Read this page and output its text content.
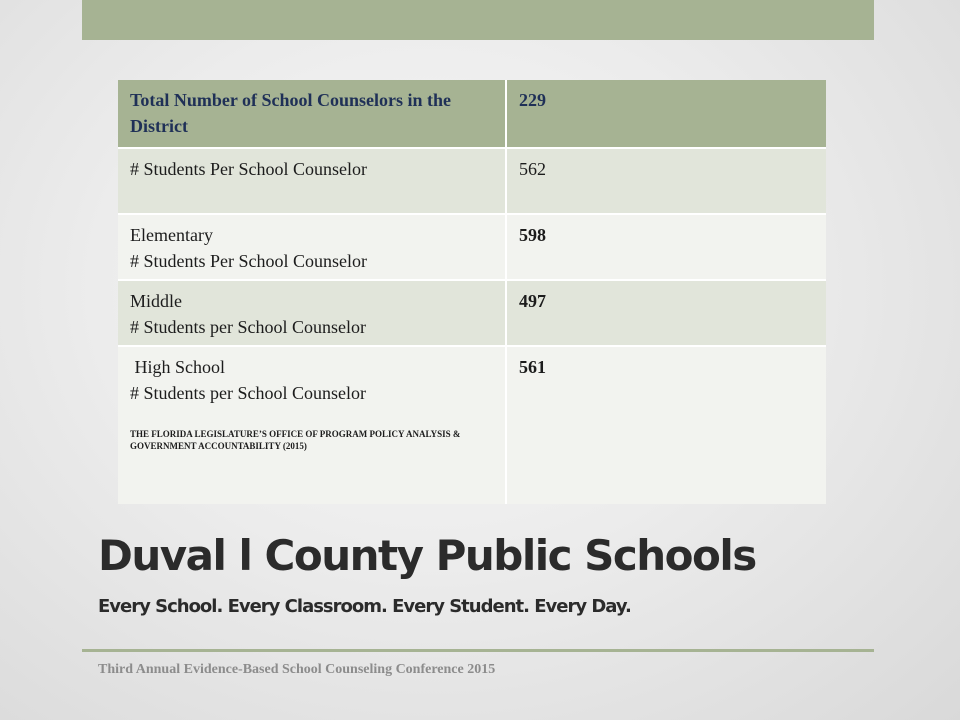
Total Number of School Counselors in the District	229
# Students Per School Counselor	562

Elementary
# Students Per School Counselor	598

Middle
# Students per School Counselor	497

High School
# Students per School Counselor
THE FLORIDA LEGISLATURE’S OFFICE OF PROGRAM POLICY ANALYSIS & GOVERNMENT ACCOUNTABILITY (2015)	561
Duval l County Public Schools
Every School. Every Classroom. Every Student. Every Day.
Third Annual Evidence-Based School Counseling Conference 2015
